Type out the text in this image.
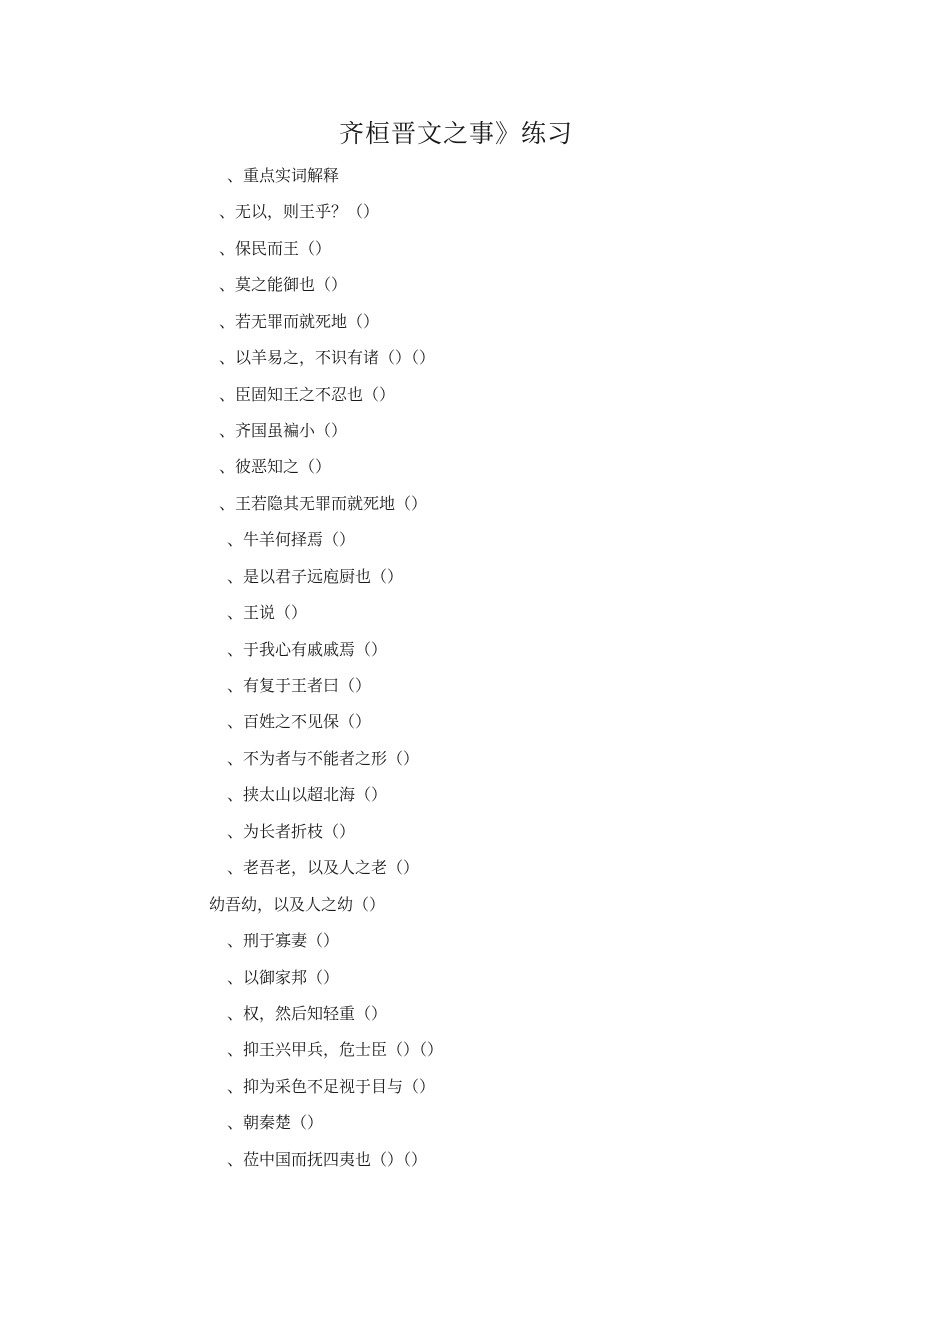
齐桓晋文之事》练习
、重点实词解释
、无以，则王乎？（）
、保民而王（）
、莫之能御也（）
、若无罪而就死地（）
、以羊易之，不识有诸（）（）
、臣固知王之不忍也（）
、齐国虽褊小（）
、彼恶知之（）
、王若隐其无罪而就死地（）
、牛羊何择焉（）
、是以君子远庖厨也（）
、王说（）
、于我心有戚戚焉（）
、有复于王者曰（）
、百姓之不见保（）
、不为者与不能者之形（）
、挟太山以超北海（）
、为长者折枝（）
、老吾老，以及人之老（）
幼吾幼，以及人之幼（）
、刑于寡妻（）
、以御家邦（）
、权，然后知轻重（）
、抑王兴甲兵，危士臣（）（）
、抑为采色不足视于目与（）
、朝秦楚（）
、莅中国而抚四夷也（）（）
